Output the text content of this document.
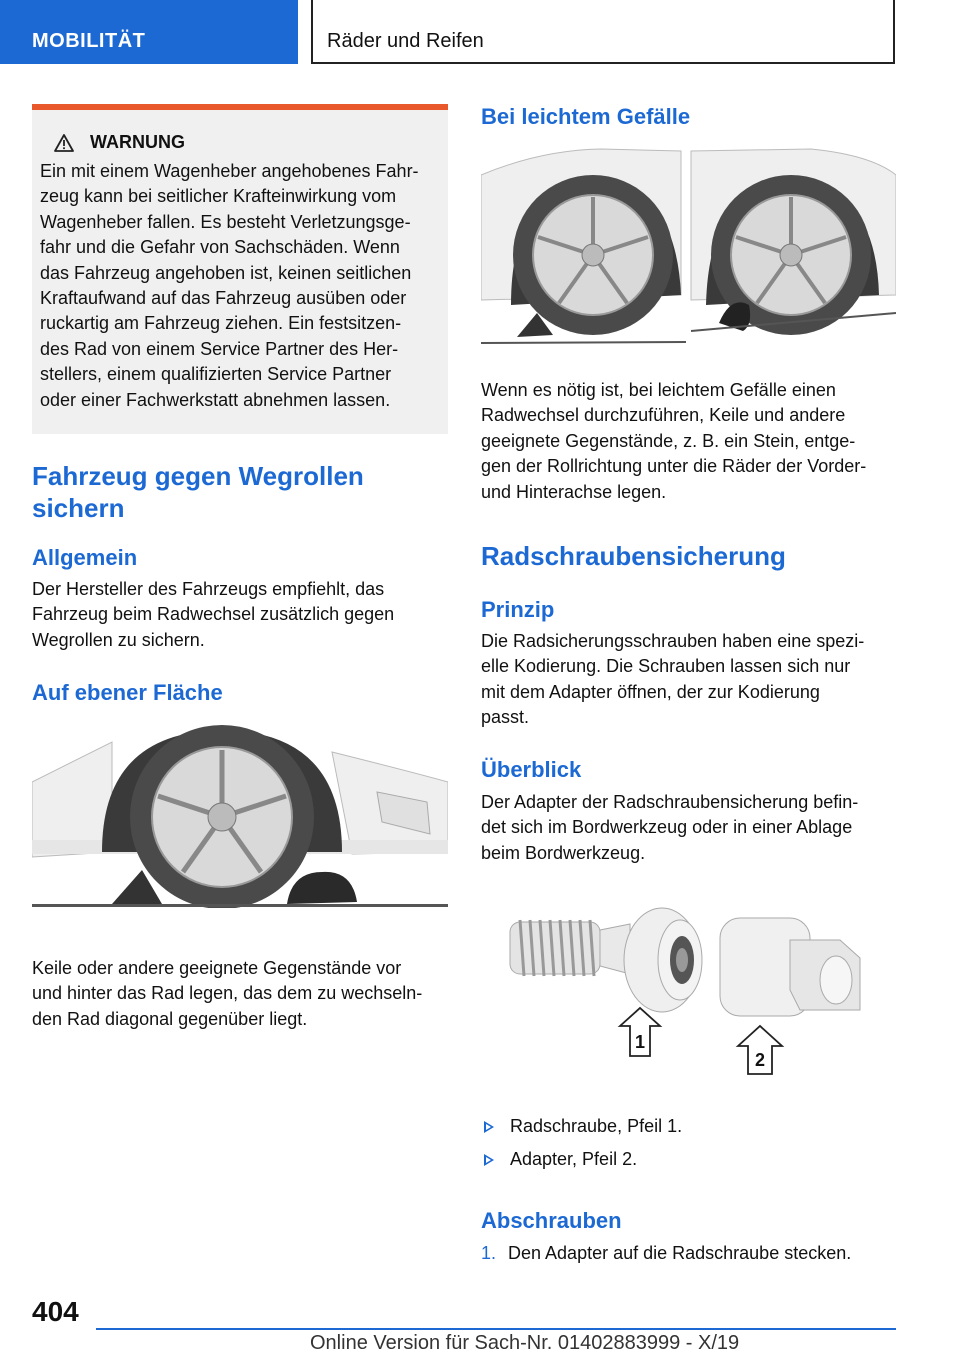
MOBILITÄT	Räder und Reifen
WARNUNG
Ein mit einem Wagenheber angehobenes Fahr-
zeug kann bei seitlicher Krafteinwirkung vom
Wagenheber fallen. Es besteht Verletzungsge-
fahr und die Gefahr von Sachschäden. Wenn
das Fahrzeug angehoben ist, keinen seitlichen
Kraftaufwand auf das Fahrzeug ausüben oder
ruckartig am Fahrzeug ziehen. Ein festsitzen-
des Rad von einem Service Partner des Her-
stellers, einem qualifizierten Service Partner
oder einer Fachwerkstatt abnehmen lassen.
Fahrzeug gegen Wegrollen
sichern
Allgemein
Der Hersteller des Fahrzeugs empfiehlt, das
Fahrzeug beim Radwechsel zusätzlich gegen
Wegrollen zu sichern.
Auf ebener Fläche
Keile oder andere geeignete Gegenstände vor
und hinter das Rad legen, das dem zu wechseln-
den Rad diagonal gegenüber liegt.
Bei leichtem Gefälle
Wenn es nötig ist, bei leichtem Gefälle einen
Radwechsel durchzuführen, Keile und andere
geeignete Gegenstände, z. B. ein Stein, entge-
gen der Rollrichtung unter die Räder der Vorder-
und Hinterachse legen.
Radschraubensicherung
Prinzip
Die Radsicherungsschrauben haben eine spezi-
elle Kodierung. Die Schrauben lassen sich nur
mit dem Adapter öffnen, der zur Kodierung
passt.
Überblick
Der Adapter der Radschraubensicherung befin-
det sich im Bordwerkzeug oder in einer Ablage
beim Bordwerkzeug.
1
2
Radschraube, Pfeil 1.
Adapter, Pfeil 2.
Abschrauben
1. Den Adapter auf die Radschraube stecken.
404
Online Version für Sach-Nr. 01402883999 - X/19
